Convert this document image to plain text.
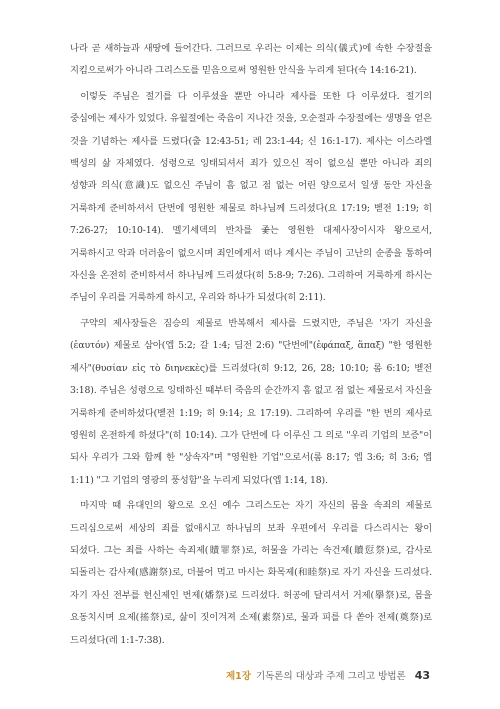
나라 곧 새하늘과 새땅에 들어간다. 그러므로 우리는 이제는 의식(儀式)에 속한 수장절을 지킴으로써가 아니라 그리스도를 믿음으로써 영원한 안식을 누리게 된다(슥 14:16-21).

이렇듯 주님은 절기를 다 이루셨을 뿐만 아니라 제사를 또한 다 이루셨다. 절기의 중심에는 제사가 있었다. 유월절에는 죽음이 지나간 것을, 오순절과 수장절에는 생명을 얻은 것을 기념하는 제사를 드렸다(출 12:43-51; 레 23:1-44; 신 16:1-17). 제사는 이스라엘 백성의 삶 자체였다. 성령으로 잉태되셔서 죄가 있으신 적이 없으실 뿐만 아니라 죄의 성향과 의식(意識)도 없으신 주님이 흠 없고 점 없는 어린 양으로서 일생 동안 자신을 거룩하게 준비하셔서 단번에 영원한 제물로 하나님께 드리셨다(요 17:19; 벧전 1:19; 히 7:26-27; 10:10-14). 멜기세덱의 반차를 좇는 영원한 대제사장이시자 왕으로서, 거룩하시고 악과 더러움이 없으시며 죄인에게서 떠나 계시는 주님이 고난의 순종을 통하여 자신을 온전히 준비하셔서 하나님께 드리셨다(히 5:8-9; 7:26). 그리하여 거룩하게 하시는 주님이 우리를 거룩하게 하시고, 우리와 하나가 되셨다(히 2:11).

구약의 제사장들은 짐승의 제물로 반복해서 제사를 드렸지만, 주님은 '자기 자신을(ἑαυτόν) 제물로 삼아(엡 5:2; 갈 1:4; 딤전 2:6) "단번에"(ἐφάπαξ, ἅπαξ) "한 영원한 제사"(θυσίαν εἰς τὸ διηνεκὲς)를 드리셨다(히 9:12, 26, 28; 10:10; 롬 6:10; 벧전 3:18). 주님은 성령으로 잉태하신 때부터 죽음의 순간까지 흠 없고 점 없는 제물로서 자신을 거룩하게 준비하셨다(벧전 1:19; 히 9:14; 요 17:19). 그리하여 우리를 "한 번의 제사로 영원히 온전하게 하셨다"(히 10:14). 그가 단번에 다 이루신 그 의로 "우리 기업의 보증"이 되사 우리가 그와 함께 한 "상속자"며 "영원한 기업"으로서(롬 8:17; 엡 3:6; 히 3:6; 엡 1:11) "그 기업의 영광의 풍성함"을 누리게 되었다(엡 1:14, 18).

마지막 때 유대인의 왕으로 오신 예수 그리스도는 자기 자신의 몸을 속죄의 제물로 드리심으로써 세상의 죄를 없애시고 하나님의 보좌 우편에서 우리를 다스리시는 왕이 되셨다. 그는 죄를 사하는 속죄제(贖罪祭)로, 허물을 가리는 속건제(贖愆祭)로, 감사로 되돌리는 감사제(感謝祭)로, 더불어 먹고 마시는 화목제(和睦祭)로 자기 자신을 드리셨다. 자기 자신 전부를 헌신제인 번제(燔祭)로 드리셨다. 허공에 달리셔서 거제(擧祭)로, 몸을 요동치시며 요제(搖祭)로, 삶이 짓이겨져 소제(素祭)로, 물과 피를 다 쏟아 전제(奠祭)로 드리셨다(레 1:1-7:38).

제1장 기독론의 대상과 주제 그리고 방법론 43
